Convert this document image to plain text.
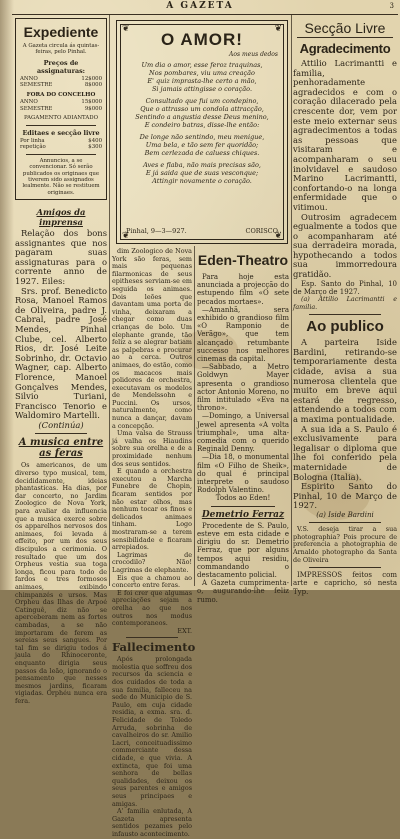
A GAZETA	3
Expediente

A Gazeta circula ás quintas-feiras, pelo Pinhal.

Preços de assignaturas:
ANNO	12$000
SEMESTRE	8$000
FORA DO CONCELHO
ANNO	15$000
SEMESTRE	9$000

PAGAMENTO ADIANTADO

Editaes e secção livre
Por linha	$400
repetição	$300

Annuncios, a se convencionar. Só serão publicados os originaes que tiverem sido assignados lealmente. Não se restituem originaes.

Amigos da imprensa

Relação dos bons assignantes que nos pagaram suas assignaturas para o corrente anno de 1927. Eiles:

Srs. prof. Benedicto Rosa, Manoel Ramos de Oliveira, padre J. Cabral, padre José Mendes, Pinhal Clube, cel. Alberto Rios, dr. José Leite Sobrinho, dr. Octavio Wagner, cap. Alberto Florence, Manoel Gonçalves Mendes, Silvio Turiani, Francisco Tenorio e Waldomiro Martelli.

(Continúa)

A musica entre as feras

Os americanos, de um diverso typo musical, tem, decididamente, ideias phantasticas. Ha dias, por dar concerto, no Jardim Zoologico de Nova York, para avaliar da influencia que a musica exerce sobre os apparelhos nervosos dos animaes, foi levada á effeito, por um dos seus discipulos a cerimonia. O resultado que um dos Orpheus vestia sua toga longa, ficou para todo de fardos e tres formosos animaes, exibindo chimpanzés e ursos. Mas Orpheu das Ilhas de Arpoé Catinguê, diz não se aperceberam nem as fortes cambadas, a se não importaram de ferem as sereias seus sangues. Por tal fim se dirigiu todos á jaula do Rhinoceronte, enquanto dirigia seus passos da leão, ignorando o pensamento que nesses mesmos jardins, ficaram vigiadas. Orphéu nunca era fera.

❦	❦
O AMOR!
Aos meus dedos

Um dia o amor, esse feroz traquinas,

Nos pombares, viu uma creação

E' quiz imprasta-lhe certo a mão,

Si jamais attingisse o coração.

Consultado que fui um condepino,

Que o attrasso um condola attracção,

Sentindo a angustia desse Deus menino,

E condeiro batras, disse-lhe então:

De longe não sentindo, meu menigue,

Uma bela, e tão sem fer quoridão;

Bem cerlezada de caluess chiques.

Aves e flaba, não mais precisas são,

E já saida que de suas vesconque;

Attingir novamente o coração.

Pinhal, 9—3—927.	CORISCO
❦	❦

dim Zoologico de Nova York são feras, sem mais pequenas filarmonicas de seus epitheses serviam-se em seguida os animaes. Dois leões que davantam uma porta de vinha, deixaram a chegar como duas crianças de bolo. Um elephante grande, tão feliz a se alegrar batiam as palpebras e procurar ao a cerca. Outros animaes, do estão, como os macacos mais polidores de orchestra, executavam os modelos de Mendelssohn e Puccini. Os ursos, naturalmente, como nunca a dançar, davam a concepção.

Uma valsa de Strauss já valha os Hiaudins sobre sua orelha e de a proximidade nenhum dos seus sentidos.

E quando a orchestra executou a Marcha Funebre de Chopin, ficaram sentidos por não estar olhos, mas nenhum tocar os finos e delicados animaes tinham. Logo mostraram-se a terem sensibilidade e ficaram arrepiados.

Lagrimas de crocodilo? Não! Lagrimas de elephante.

Eis que a chamou ao concerto entre feras.

E foi crer que algumas apreciações sejam a orelha ao que nos outros nos modus contemporaneos.

EXT.

Fallecimento

Após prolongada molestia que soffreu dos recursos da sciencia e dos cuidados de toda a sua familia, falleceu na sede do Municipio de S. Paulo, em cuja cidade residia, a exma. sra. d. Felicidade de Toledo Arruda, sobrinha de cavalheiros do sr. Amilio Lacri, conceituadissimo commerciante dessa cidade, e que vivia. A extincta, que foi uma senhora de bellas qualidades, deixou os seus parentes e amigos seus principaes e amigas.

A' familia enlutada, A Gazeta apresenta sentidos pezames pelo infausto acontecimento.

Eden-Theatro

Para hoje esta anunciada a projecção do estupendo film «O sete pecados mortaes».

—Amanhã, sera exhibido o grandioso film «O Ramponio de Verãgo», que tem alcançado retumbante successo nos melhores cinemas da capital.

—Sabbado, a Metro Goldwyn Mayer apresenta o grandioso actor Antonio Moreno, no film intitulado «Eva na throno».

—Domingo, a Universal Jewel apresenta «A volta triumphal», uma alta-comedia com o querido Reginald Denny.

—Dia 18, o monumental film «O Filho de Sheik», do qual é principal interprete o saudoso Rodolph Valentino.

Todos ao Eden!

Demetrio Ferraz

Procedente de S. Paulo, esteve em esta cidade e dirigiu do sr. Demetrio Ferraz, que por alguns tempos aqui residiu, commandando o destacamento policial.

A Gazeta cumprimenta-o, augurando-lhe feliz rumo.

Secção Livre
Agradecimento

Attilio Lacrimantti e familia, penhoradamente agradecidos e com o coração dilacerado pela crescente dor, vem por este meio externar seus agradecimentos a todas as pessoas que visitaram e acompanharam o seu inolvidavel e saudoso Marino Lacrimantti, confortando-o na longa enfermidade que o vitimou.

Outrosim agradecem egualmente a todos que o acompanharam até sua derradeira morada, hypothecando a todos sua immorredoura gratidão.

Esp. Santo do Pinhal, 10 de Março de 1927.

(a) Attilio Lacrimantti e familia.

Ao publico

A parteira Iside Bardini, retirando-se temporariamente desta cidade, avisa a sua numerosa clientela que muito em breve aqui estará de regresso, attendendo a todos com a maxima pontualidade.

A sua ida a S. Paulo é exclusivamente para legalisar o diploma que lhe foi conferido pela maternidade de Bologna (Italia).

Espirito Santo do Pinhal, 10 de Março de 1927.

(a) Iside Bardini

V.S. deseja tirar a sua photographia? Pois procure de preferencia a photographia de Arnaldo photographo da Santa de Oliveira

IMPRESSOS feitos com arte e capricho, só nesta Typ.
